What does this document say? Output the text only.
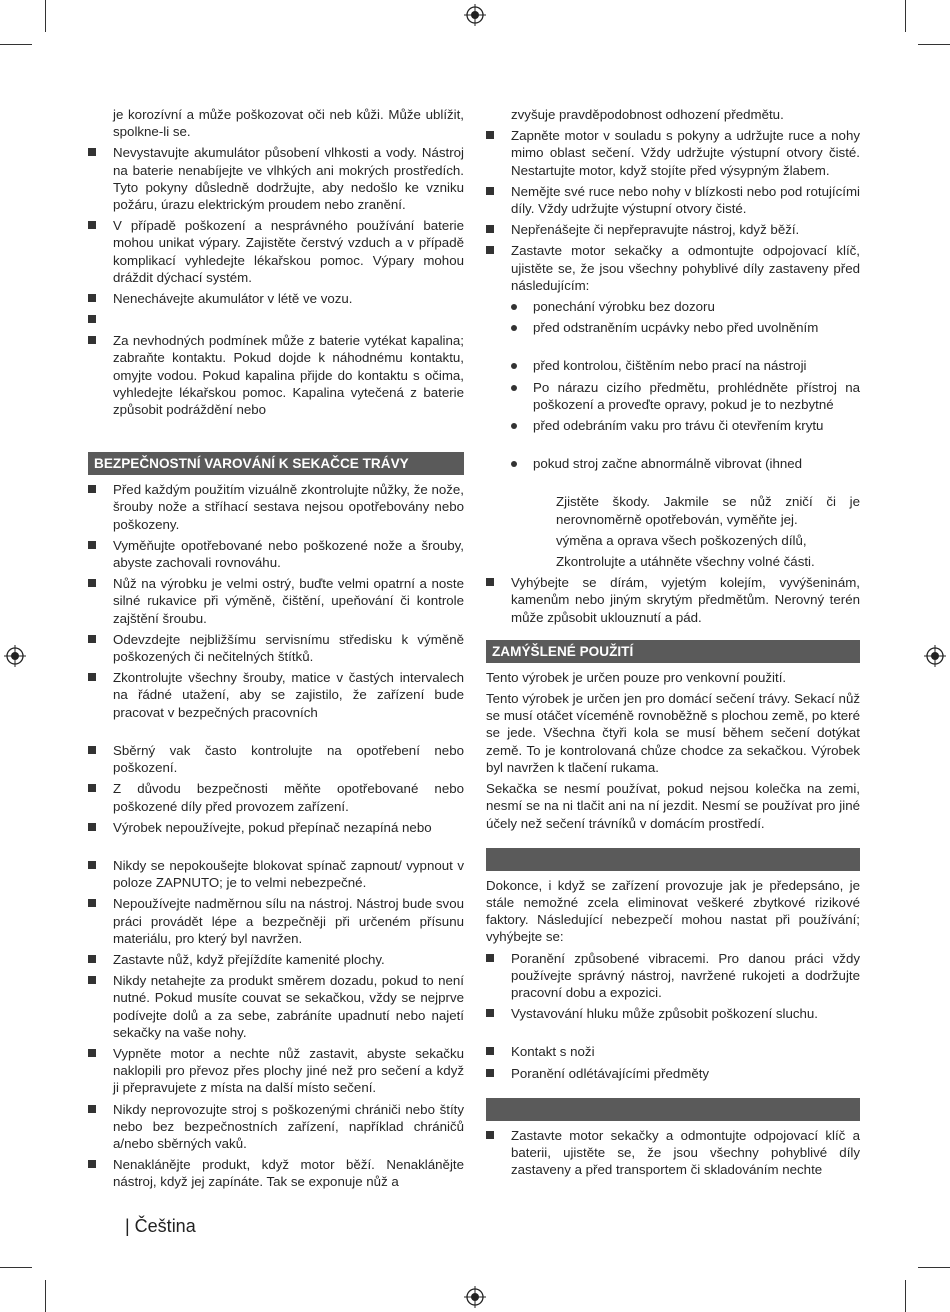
je korozívní a může poškozovat oči neb kůži. Může ublížit, spolkne-li se.

Nevystavujte akumulátor působení vlhkosti a vody. Nástroj na baterie nenabíjejte ve vlhkých ani mokrých prostředích. Tyto pokyny důsledně dodržujte, aby nedošlo ke vzniku požáru, úrazu elektrickým proudem nebo zranění.
V případě poškození a nesprávného používání baterie mohou unikat výpary. Zajistěte čerstvý vzduch a v případě komplikací vyhledejte lékařskou pomoc. Výpary mohou dráždit dýchací systém.
Nenechávejte akumulátor v létě ve vozu.
Za nevhodných podmínek může z baterie vytékat kapalina; zabraňte kontaktu. Pokud dojde k náhodnému kontaktu, omyjte vodou. Pokud kapalina přijde do kontaktu s očima, vyhledejte lékařskou pomoc. Kapalina vytečená z baterie způsobit podráždění nebo
BEZPEČNOSTNÍ VAROVÁNÍ K SEKAČCE TRÁVY
Před každým použitím vizuálně zkontrolujte nůžky, že nože, šrouby nože a stříhací sestava nejsou opotřebovány nebo poškozeny.
Vyměňujte opotřebované nebo poškozené nože a šrouby, abyste zachovali rovnováhu.
Nůž na výrobku je velmi ostrý, buďte velmi opatrní a noste silné rukavice při výměně, čištění, upeňování či kontrole zajštění šroubu.
Odevzdejte nejbližšímu servisnímu středisku k výměně poškozených či nečitelných štítků.
Zkontrolujte všechny šrouby, matice v častých intervalech na řádné utažení, aby se zajistilo, že zařízení bude pracovat v bezpečných pracovních
Sběrný vak často kontrolujte na opotřebení nebo poškození.
Z důvodu bezpečnosti měňte opotřebované nebo poškozené díly před provozem zařízení.
Výrobek nepoužívejte, pokud přepínač nezapíná nebo
Nikdy se nepokoušejte blokovat spínač zapnout/ vypnout v poloze ZAPNUTO; je to velmi nebezpečné.
Nepoužívejte nadměrnou sílu na nástroj. Nástroj bude svou práci provádět lépe a bezpečněji při určeném přísunu materiálu, pro který byl navržen.
Zastavte nůž, když přejíždíte kamenité plochy.
Nikdy netahejte za produkt směrem dozadu, pokud to není nutné. Pokud musíte couvat se sekačkou, vždy se nejprve podívejte dolů a za sebe, zabráníte upadnutí nebo najetí sekačky na vaše nohy.
Vypněte motor a nechte nůž zastavit, abyste sekačku naklopili pro převoz přes plochy jiné než pro sečení a když ji přepravujete z místa na další místo sečení.
Nikdy neprovozujte stroj s poškozenými chrániči nebo štíty nebo bez bezpečnostních zařízení, například chráničů a/nebo sběrných vaků.
Nenaklánějte produkt, když motor běží. Nenaklánějte nástroj, když jej zapínáte. Tak se exponuje nůž a

zvyšuje pravděpodobnost odhození předmětu.

Zapněte motor v souladu s pokyny a udržujte ruce a nohy mimo oblast sečení. Vždy udržujte výstupní otvory čisté. Nestartujte motor, když stojíte před výsypným žlabem.
Nemějte své ruce nebo nohy v blízkosti nebo pod rotujícími díly. Vždy udržujte výstupní otvory čisté.
Nepřenášejte či nepřepravujte nástroj, když běží.
Zastavte motor sekačky a odmontujte odpojovací klíč, ujistěte se, že jsou všechny pohyblivé díly zastaveny před následujícím:
ponechání výrobku bez dozoru
před odstraněním ucpávky nebo před uvolněním
před kontrolou, čištěním nebo prací na nástroji
Po nárazu cizího předmětu, prohlédněte přístroj na poškození a proveďte opravy, pokud je to nezbytné
před odebráním vaku pro trávu či otevřením krytu
pokud stroj začne abnormálně vibrovat (ihned

Zjistěte škody. Jakmile se nůž zničí či je nerovnoměrně opotřebován, vyměňte jej.

výměna a oprava všech poškozených dílů,

Zkontrolujte a utáhněte všechny volné části.

Vyhýbejte se dírám, vyjetým kolejím, vyvýšeninám, kamenům nebo jiným skrytým předmětům. Nerovný terén může způsobit uklouznutí a pád.
ZAMÝŠLENÉ POUŽITÍ

Tento výrobek je určen pouze pro venkovní použití.

Tento výrobek je určen jen pro domácí sečení trávy. Sekací nůž se musí otáčet víceméně rovnoběžně s plochou země, po které se jede. Všechna čtyři kola se musí během sečení dotýkat země. To je kontrolovaná chůze chodce za sekačkou. Výrobek byl navržen k tlačení rukama.

Sekačka se nesmí používat, pokud nejsou kolečka na zemi, nesmí se na ni tlačit ani na ní jezdit. Nesmí se používat pro jiné účely než sečení trávníků v domácím prostředí.

Dokonce, i když se zařízení provozuje jak je předepsáno, je stále nemožné zcela eliminovat veškeré zbytkové rizikové faktory. Následující nebezpečí mohou nastat při používání; vyhýbejte se:

Poranění způsobené vibracemi. Pro danou práci vždy používejte správný nástroj, navržené rukojeti a dodržujte pracovní dobu a expozici.
Vystavování hluku může způsobit poškození sluchu.
Kontakt s noži
Poranění odlétávajícími předměty
Zastavte motor sekačky a odmontujte odpojovací klíč a baterii, ujistěte se, že jsou všechny pohyblivé díly zastaveny a před transportem či skladováním nechte
| Čeština
